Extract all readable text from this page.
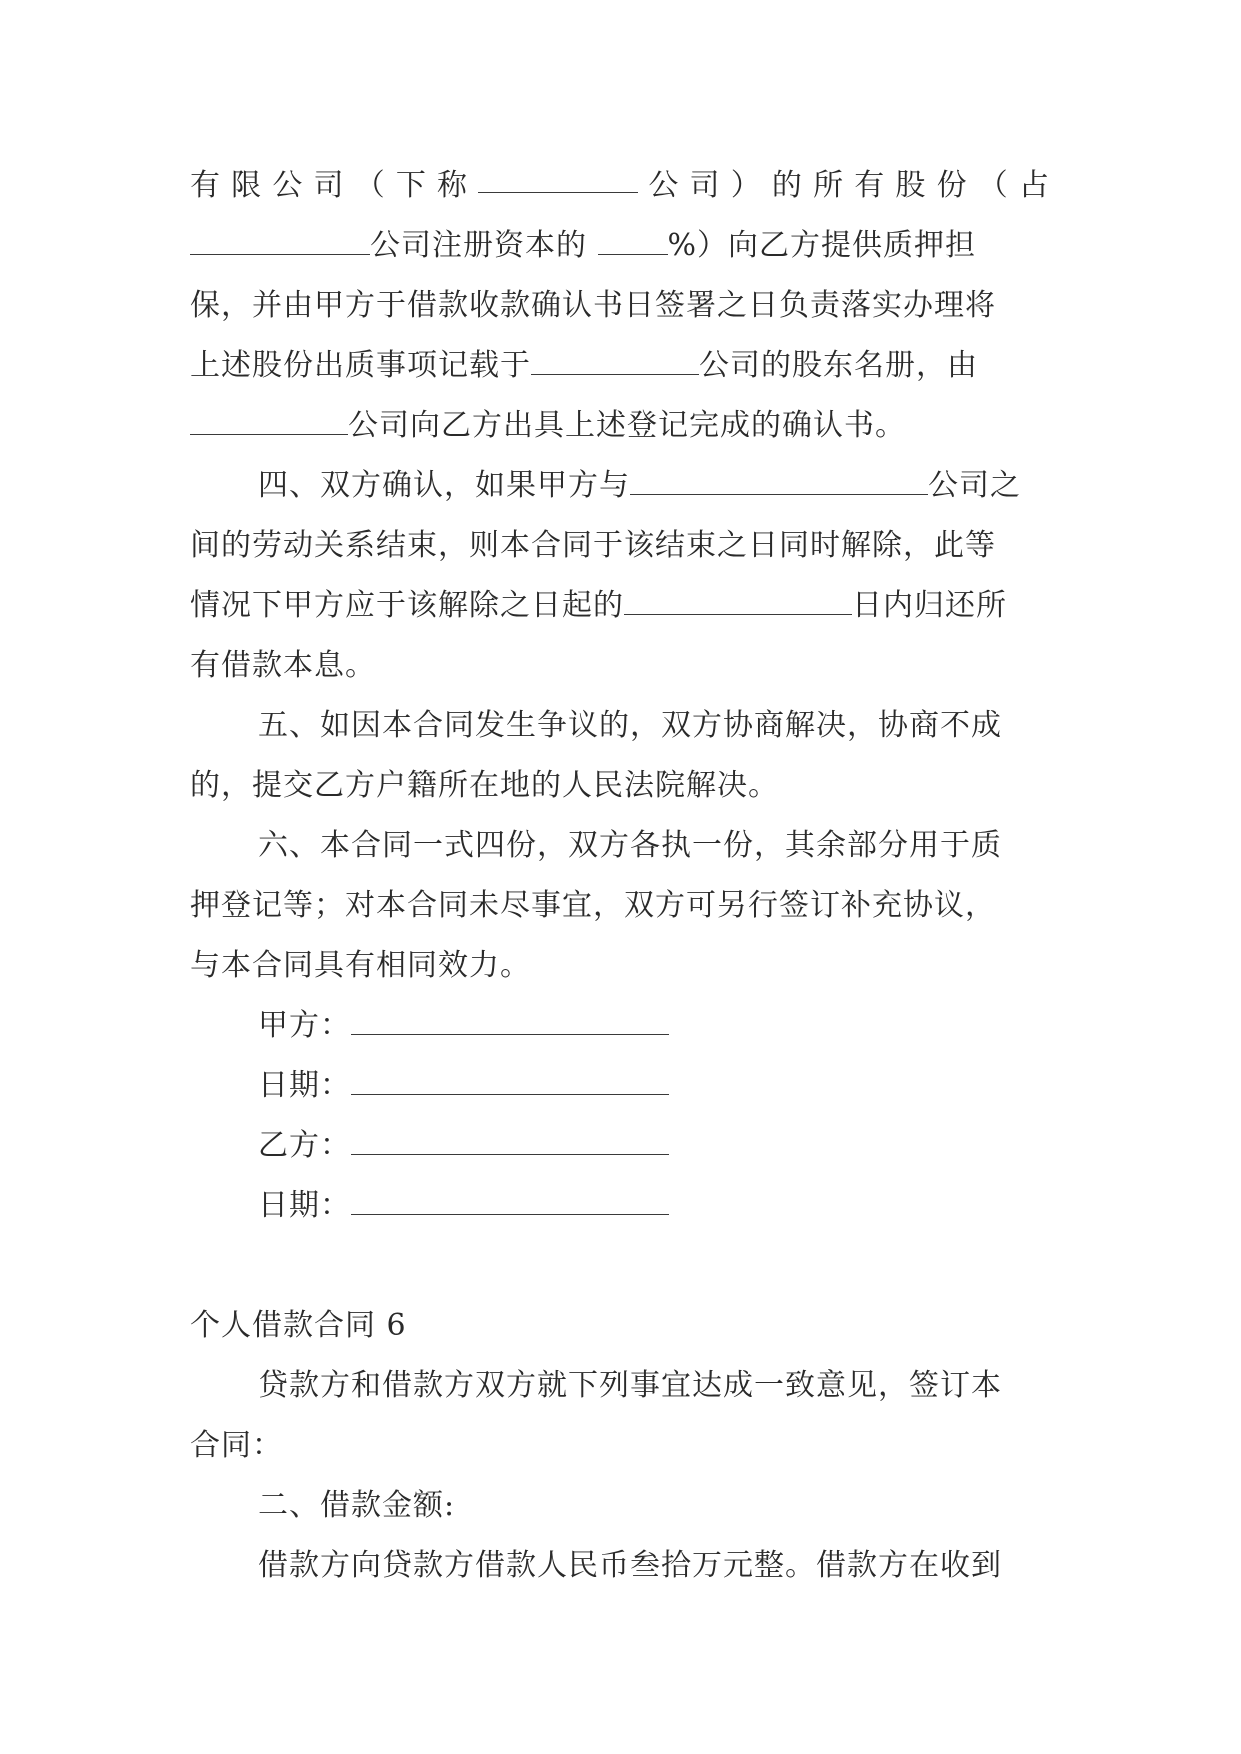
有 限 公 司 （ 下 称	公 司 ） 的 所 有 股 份 （ 占
公司注册资本的	%）向乙方提供质押担
保，并由甲方于借款收款确认书日签署之日负责落实办理将
上述股份出质事项记载于	公司的股东名册，由
公司向乙方出具上述登记完成的确认书。
四、双方确认，如果甲方与	公司之
间的劳动关系结束，则本合同于该结束之日同时解除，此等
情况下甲方应于该解除之日起的	日内归还所
有借款本息。
五、如因本合同发生争议的，双方协商解决，协商不成
的，提交乙方户籍所在地的人民法院解决。
六、本合同一式四份，双方各执一份，其余部分用于质
押登记等；对本合同未尽事宜，双方可另行签订补充协议，
与本合同具有相同效力。
甲方：
日期：
乙方：
日期：
个人借款合同 6
贷款方和借款方双方就下列事宜达成一致意见，签订本
合同：
二、借款金额:
借款方向贷款方借款人民币叁拾万元整。借款方在收到
